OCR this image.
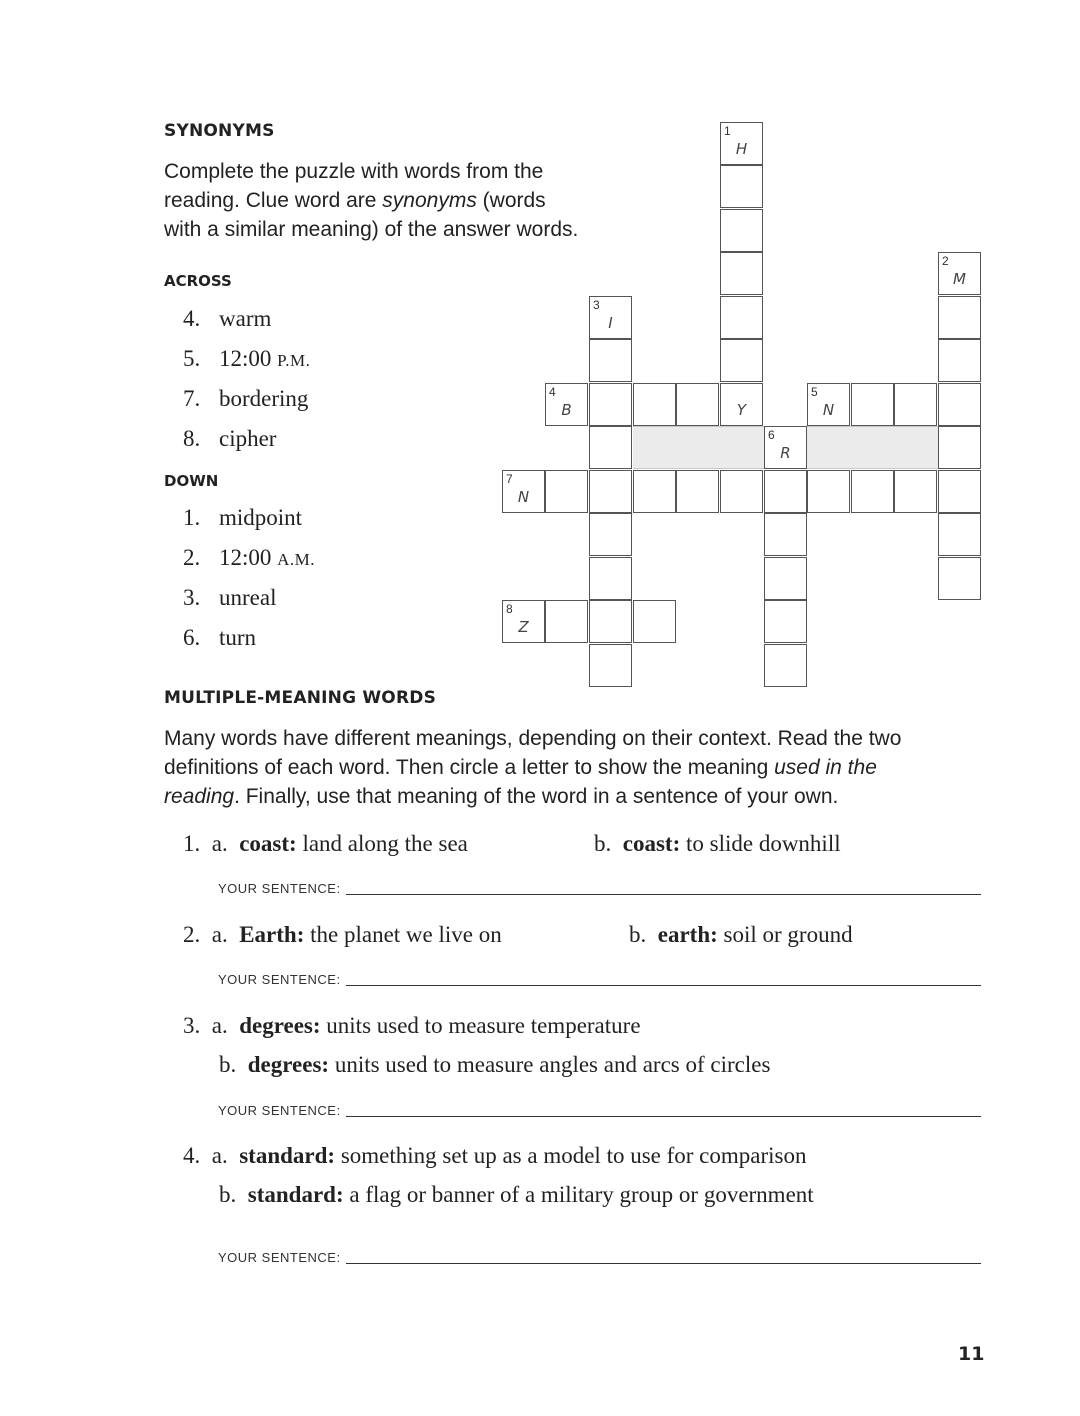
SYNONYMS
Complete the puzzle with words from the
reading. Clue word are synonyms (words
with a similar meaning) of the answer words.
ACROSS
4. warm
5. 12:00 P.M.
7. bordering
8. cipher
DOWN
1. midpoint
2. 12:00 A.M.
3. unreal
6. turn
1
H
2
M
3
I
4
B	Y
5
N
6
R
7
N
8
Z
MULTIPLE-MEANING WORDS
Many words have different meanings, depending on their context. Read the two
definitions of each word. Then circle a letter to show the meaning used in the
reading. Finally, use that meaning of the word in a sentence of your own.
1. a. coast: land along the sea	b. coast: to slide downhill
YOUR SENTENCE:
2. a. Earth: the planet we live on	b. earth: soil or ground
YOUR SENTENCE:
3. a. degrees: units used to measure temperature
b. degrees: units used to measure angles and arcs of circles
YOUR SENTENCE:
4. a. standard: something set up as a model to use for comparison
b. standard: a flag or banner of a military group or government
YOUR SENTENCE:
11
